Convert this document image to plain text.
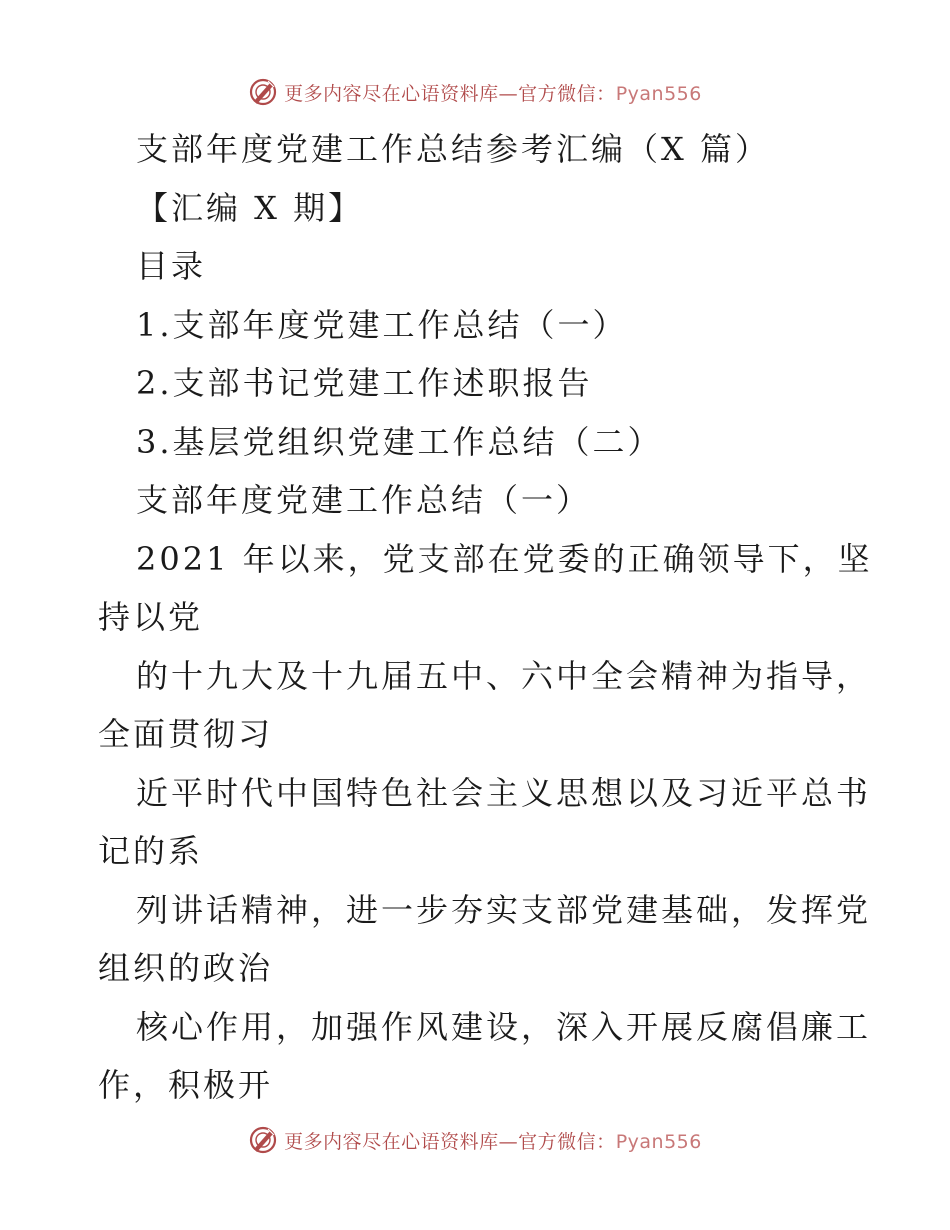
更多内容尽在心语资料库—官方微信：Pyan556
支部年度党建工作总结参考汇编（X 篇）
【汇编 X 期】
目录
1.支部年度党建工作总结（一）
2.支部书记党建工作述职报告
3.基层党组织党建工作总结（二）
支部年度党建工作总结（一）
2021 年以来，党支部在党委的正确领导下，坚
持以党
的十九大及十九届五中、六中全会精神为指导，
全面贯彻习
近平时代中国特色社会主义思想以及习近平总书
记的系
列讲话精神，进一步夯实支部党建基础，发挥党
组织的政治
核心作用，加强作风建设，深入开展反腐倡廉工
作，积极开
更多内容尽在心语资料库—官方微信：Pyan556
